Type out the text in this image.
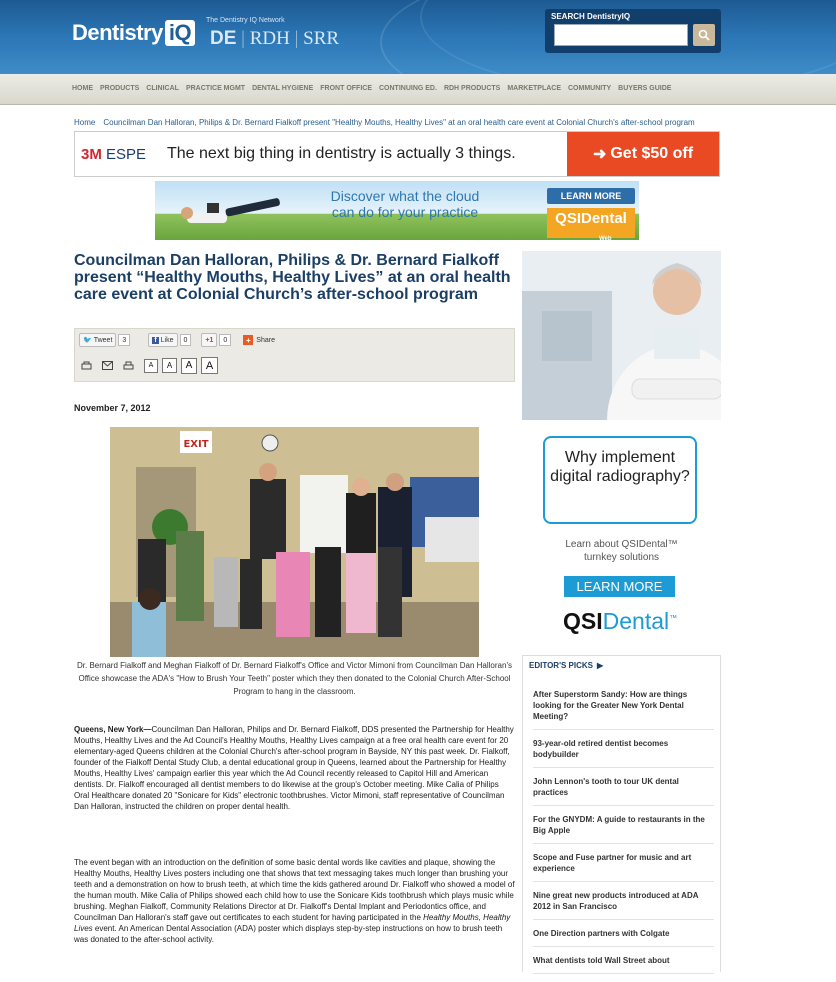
Dentistry iQ	The Dentistry IQ Network
DE | RDH | SRR
SEARCH DentistryIQ
HOME PRODUCTS CLINICAL PRACTICE MGMT DENTAL HYGIENE FRONT OFFICE CONTINUING ED. RDH PRODUCTS MARKETPLACE COMMUNITY BUYERS GUIDE
Home Councilman Dan Halloran, Philips & Dr. Bernard Fialkoff present "Healthy Mouths, Healthy Lives" at an oral health care event at Colonial Church's after-school program
3M ESPE The next big thing in dentistry is actually 3 things.	➜ Get $50 off
Discover what the cloud
can do for your practice
LEARN MORE
QSIDental
Web
Councilman Dan Halloran, Philips & Dr. Bernard Fialkoff present “Healthy Mouths, Healthy Lives” at an oral health care event at Colonial Church’s after-school program
🐦 Tweet	3	f Like	0	+1	0	+ Share
A	A	A	A
November 7, 2012
EXIT
Dr. Bernard Fialkoff and Meghan Fialkoff of Dr. Bernard Fialkoff's Office and Victor Mimoni from Councilman Dan Halloran's Office showcase the ADA's "How to Brush Your Teeth" poster which they then donated to the Colonial Church After-School Program to hang in the classroom.
Queens, New York—Councilman Dan Halloran, Philips and Dr. Bernard Fialkoff, DDS presented the Partnership for Healthy Mouths, Healthy Lives and the Ad Council's Healthy Mouths, Healthy Lives campaign at a free oral health care event for 20 elementary-aged Queens children at the Colonial Church's after-school program in Bayside, NY this past week. Dr. Fialkoff, founder of the Fialkoff Dental Study Club, a dental educational group in Queens, learned about the Partnership for Healthy Mouths, Healthy Lives' campaign earlier this year which the Ad Council recently released to Capitol Hill and American dentists. Dr. Fialkoff encouraged all dentist members to do likewise at the group's October meeting. Mike Calia of Philips Oral Healthcare donated 20 "Sonicare for Kids" electronic toothbrushes. Victor Mimoni, staff representative of Councilman Dan Halloran, instructed the children on proper dental health.
The event began with an introduction on the definition of some basic dental words like cavities and plaque, showing the Healthy Mouths, Healthy Lives posters including one that shows that text messaging takes much longer than brushing your teeth and a demonstration on how to brush teeth, at which time the kids gathered around Dr. Fialkoff who showed a model of the human mouth. Mike Calia of Philips showed each child how to use the Sonicare Kids toothbrush which plays music while brushing. Meghan Fialkoff, Community Relations Director at Dr. Fialkoff's Dental Implant and Periodontics office, and Councilman Dan Halloran's staff gave out certificates to each student for having participated in the Healthy Mouths, Healthy Lives event. An American Dental Association (ADA) poster which displays step-by-step instructions on how to brush teeth was donated to the after-school activity.
Why implement digital radiography?
Learn about QSIDental™
turnkey solutions
LEARN MORE
QSIDental™
EDITOR'S PICKS ▶
After Superstorm Sandy: How are things looking for the Greater New York Dental Meeting?
93-year-old retired dentist becomes bodybuilder
John Lennon's tooth to tour UK dental practices
For the GNYDM: A guide to restaurants in the Big Apple
Scope and Fuse partner for music and art experience
Nine great new products introduced at ADA 2012 in San Francisco
One Direction partners with Colgate
What dentists told Wall Street about
